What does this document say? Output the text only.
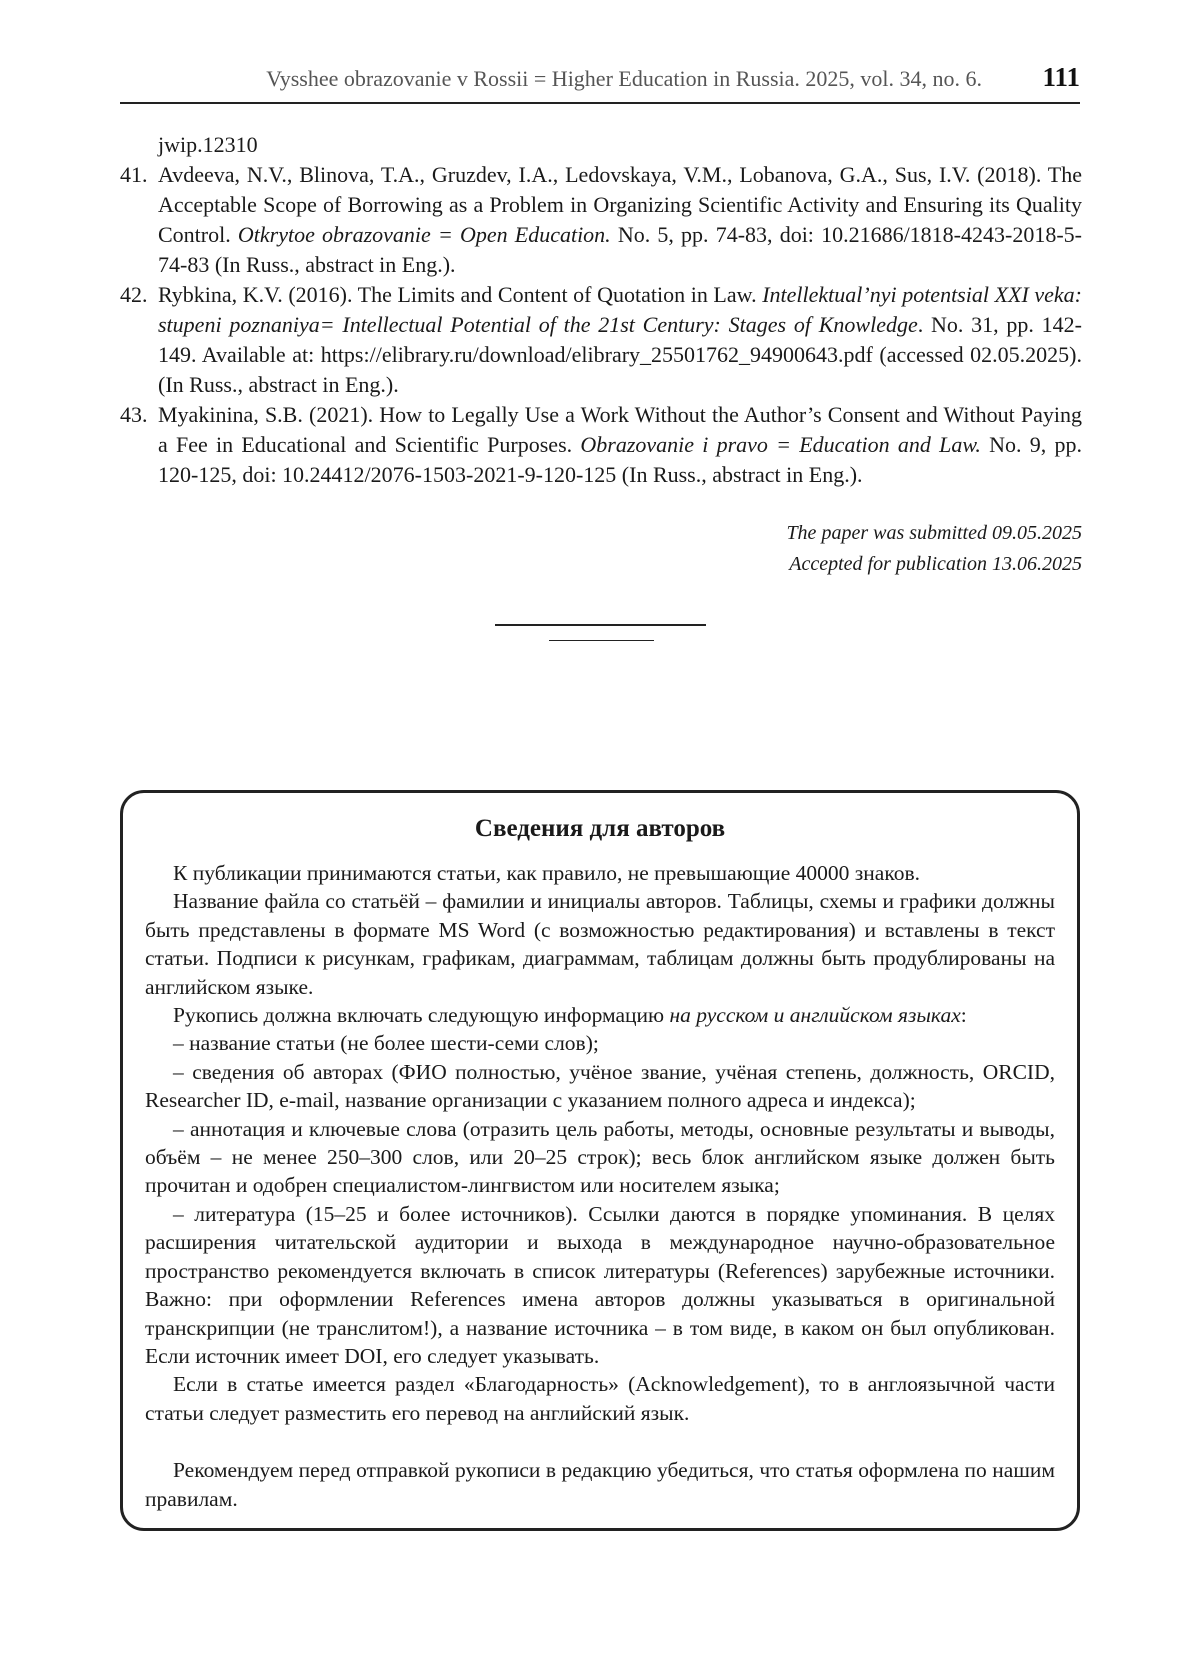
Vysshee obrazovanie v Rossii = Higher Education in Russia. 2025, vol. 34, no. 6. 111
jwip.12310
41. Avdeeva, N.V., Blinova, T.A., Gruzdev, I.A., Ledovskaya, V.M., Lobanova, G.A., Sus, I.V. (2018). The Acceptable Scope of Borrowing as a Problem in Organizing Scientific Activity and Ensuring its Quality Control. Otkrytoe obrazovanie = Open Education. No. 5, pp. 74-83, doi: 10.21686/1818-4243-2018-5-74-83 (In Russ., abstract in Eng.).
42. Rybkina, K.V. (2016). The Limits and Content of Quotation in Law. Intellektual’nyi potentsial XXI veka: stupeni poznaniya= Intellectual Potential of the 21st Century: Stages of Knowledge. No. 31, pp. 142-149. Available at: https://elibrary.ru/download/elibrary_25501762_94900643.pdf (accessed 02.05.2025). (In Russ., abstract in Eng.).
43. Myakinina, S.B. (2021). How to Legally Use a Work Without the Author’s Consent and Without Paying a Fee in Educational and Scientific Purposes. Obrazovanie i pravo = Education and Law. No. 9, pp. 120-125, doi: 10.24412/2076-1503-2021-9-120-125 (In Russ., abstract in Eng.).
The paper was submitted 09.05.2025
Accepted for publication 13.06.2025
Сведения для авторов

К публикации принимаются статьи, как правило, не превышающие 40000 знаков.

Название файла со статьёй – фамилии и инициалы авторов. Таблицы, схемы и графики должны быть представлены в формате MS Word (с возможностью редактирования) и вставлены в текст статьи. Подписи к рисункам, графикам, диаграммам, таблицам должны быть продублированы на английском языке.

Рукопись должна включать следующую информацию на русском и английском языках:

– название статьи (не более шести-семи слов);

– сведения об авторах (ФИО полностью, учёное звание, учёная степень, должность, ORCID, Researcher ID, e-mail, название организации с указанием полного адреса и индекса);

– аннотация и ключевые слова (отразить цель работы, методы, основные результаты и выводы, объём – не менее 250–300 слов, или 20–25 строк); весь блок английском языке должен быть прочитан и одобрен специалистом-лингвистом или носителем языка;

– литература (15–25 и более источников). Ссылки даются в порядке упоминания. В целях расширения читательской аудитории и выхода в международное научно-образовательное пространство рекомендуется включать в список литературы (References) зарубежные источники. Важно: при оформлении References имена авторов должны указываться в оригинальной транскрипции (не транслитом!), а название источника – в том виде, в каком он был опубликован. Если источник имеет DOI, его следует указывать.

Если в статье имеется раздел «Благодарность» (Acknowledgement), то в англоязычной части статьи следует разместить его перевод на английский язык.

Рекомендуем перед отправкой рукописи в редакцию убедиться, что статья оформлена по нашим правилам.
